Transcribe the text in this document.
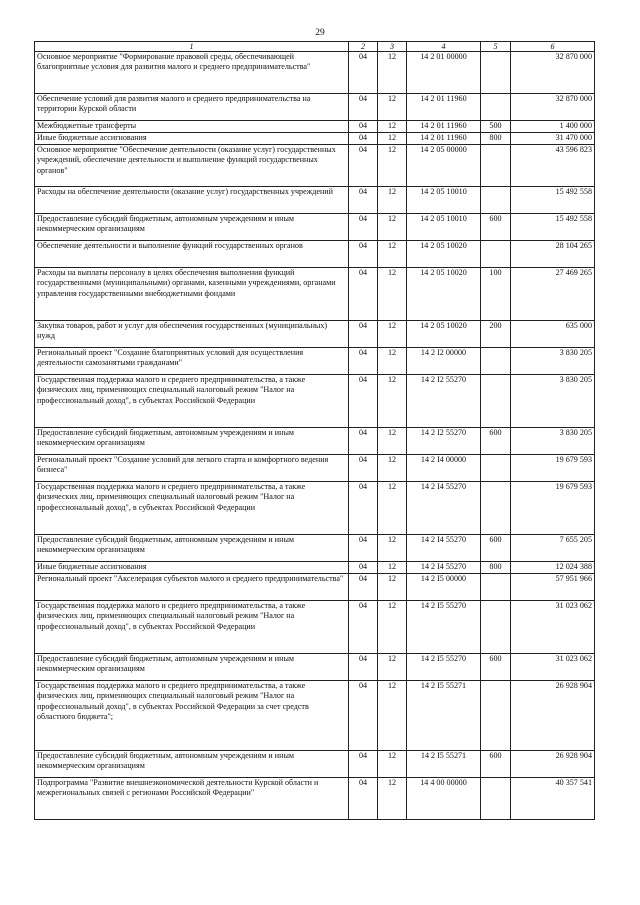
29
1	2	3	4	5	6
Основное мероприятие "Формирование правовой среды, обеспечивающей благоприятные условия для развития малого и среднего предпринимательства"	04	12	14 2 01 00000		32 870 000
Обеспечение условий для развития малого и среднего предпринимательства на территории Курской области	04	12	14 2 01 11960		32 870 000
Межбюджетные трансферты	04	12	14 2 01 11960	500	1 400 000
Иные бюджетные ассигнования	04	12	14 2 01 11960	800	31 470 000
Основное мероприятие "Обеспечение деятельности (оказание услуг) государственных учреждений, обеспечение деятельности и выполнение функций государственных органов"	04	12	14 2 05 00000		43 596 823
Расходы на обеспечение деятельности (оказание услуг) государственных учреждений	04	12	14 2 05 10010		15 492 558
Предоставление субсидий бюджетным, автономным учреждениям и иным некоммерческим организациям	04	12	14 2 05 10010	600	15 492 558
Обеспечение деятельности и выполнение функций государственных органов	04	12	14 2 05 10020		28 104 265
Расходы на выплаты персоналу в целях обеспечения выполнения функций государственными (муниципальными) органами, казенными учреждениями, органами управления государственными внебюджетными фондами	04	12	14 2 05 10020	100	27 469 265
Закупка товаров, работ и услуг для обеспечения государственных (муниципальных) нужд	04	12	14 2 05 10020	200	635 000
Региональный проект "Создание благоприятных условий для осуществления деятельности самозанятыми гражданами"	04	12	14 2 I2 00000		3 830 205
Государственная поддержка малого и среднего предпринимательства, а также физических лиц, применяющих специальный налоговый режим "Налог на профессиональный доход", в субъектах Российской Федерации	04	12	14 2 I2 55270		3 830 205
Предоставление субсидий бюджетным, автономным учреждениям и иным некоммерческим организациям	04	12	14 2 I2 55270	600	3 830 205
Региональный проект "Создание условий для легкого старта и комфортного ведения бизнеса"	04	12	14 2 I4 00000		19 679 593
Государственная поддержка малого и среднего предпринимательства, а также физических лиц, применяющих специальный налоговый режим "Налог на профессиональный доход", в субъектах Российской Федерации	04	12	14 2 I4 55270		19 679 593
Предоставление субсидий бюджетным, автономным учреждениям и иным некоммерческим организациям	04	12	14 2 I4 55270	600	7 655 205
Иные бюджетные ассигнования	04	12	14 2 I4 55270	800	12 024 388
Региональный проект "Акселерация субъектов малого и среднего предпринимательства"	04	12	14 2 I5 00000		57 951 966
Государственная поддержка малого и среднего предпринимательства, а также физических лиц, применяющих специальный налоговый режим "Налог на профессиональный доход", в субъектах Российской Федерации	04	12	14 2 I5 55270		31 023 062
Предоставление субсидий бюджетным, автономным учреждениям и иным некоммерческим организациям	04	12	14 2 I5 55270	600	31 023 062
Государственная поддержка малого и среднего предпринимательства, а также физических лиц, применяющих специальный налоговый режим "Налог на профессиональный доход", в субъектах Российской Федерации за счет средств областного бюджета";	04	12	14 2 I5 55271		26 928 904
Предоставление субсидий бюджетным, автономным учреждениям и иным некоммерческим организациям	04	12	14 2 I5 55271	600	26 928 904
Подпрограмма "Развитие внешнеэкономической деятельности Курской области и межрегиональных связей с регионами Российской Федерации"	04	12	14 4 00 00000		40 357 541
